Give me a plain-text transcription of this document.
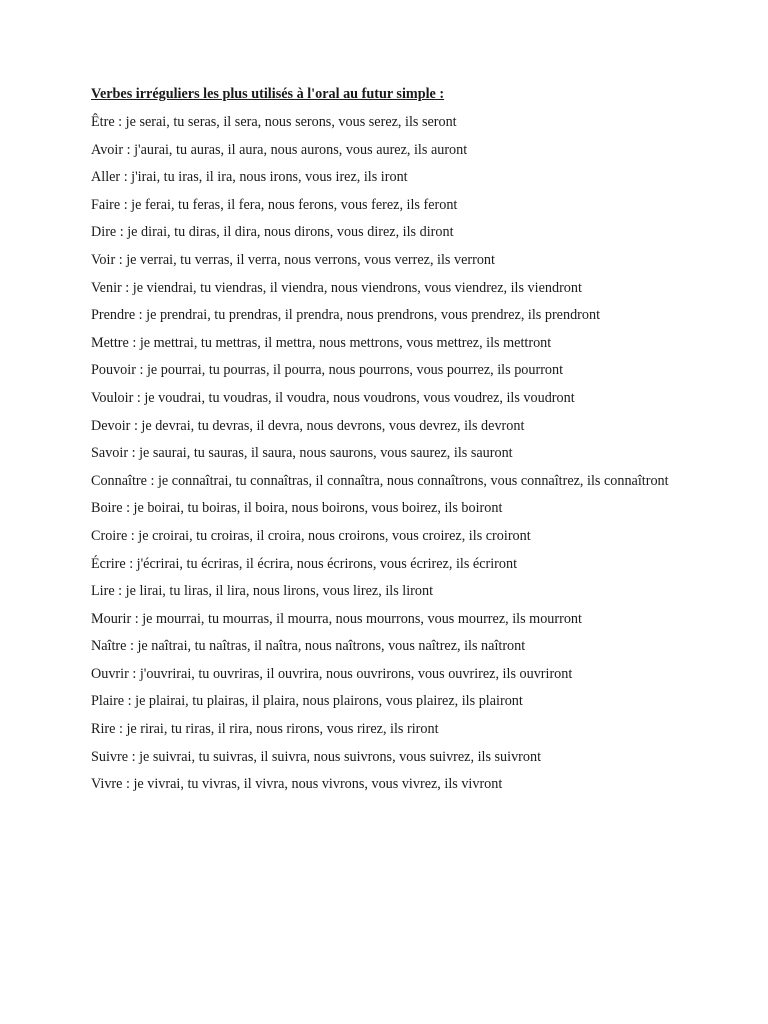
Verbes irréguliers les plus utilisés à l'oral au futur simple :
Être : je serai, tu seras, il sera, nous serons, vous serez, ils seront
Avoir : j'aurai, tu auras, il aura, nous aurons, vous aurez, ils auront
Aller : j'irai, tu iras, il ira, nous irons, vous irez, ils iront
Faire : je ferai, tu feras, il fera, nous ferons, vous ferez, ils feront
Dire : je dirai, tu diras, il dira, nous dirons, vous direz, ils diront
Voir : je verrai, tu verras, il verra, nous verrons, vous verrez, ils verront
Venir : je viendrai, tu viendras, il viendra, nous viendrons, vous viendrez, ils viendront
Prendre : je prendrai, tu prendras, il prendra, nous prendrons, vous prendrez, ils prendront
Mettre : je mettrai, tu mettras, il mettra, nous mettrons, vous mettrez, ils mettront
Pouvoir : je pourrai, tu pourras, il pourra, nous pourrons, vous pourrez, ils pourront
Vouloir : je voudrai, tu voudras, il voudra, nous voudrons, vous voudrez, ils voudront
Devoir : je devrai, tu devras, il devra, nous devrons, vous devrez, ils devront
Savoir : je saurai, tu sauras, il saura, nous saurons, vous saurez, ils sauront
Connaître : je connaîtrai, tu connaîtras, il connaîtra, nous connaîtrons, vous connaîtrez, ils connaîtront
Boire : je boirai, tu boiras, il boira, nous boirons, vous boirez, ils boiront
Croire : je croirai, tu croiras, il croira, nous croirons, vous croirez, ils croiront
Écrire : j'écrirai, tu écriras, il écrira, nous écrirons, vous écrirez, ils écriront
Lire : je lirai, tu liras, il lira, nous lirons, vous lirez, ils liront
Mourir : je mourrai, tu mourras, il mourra, nous mourrons, vous mourrez, ils mourront
Naître : je naîtrai, tu naîtras, il naîtra, nous naîtrons, vous naîtrez, ils naîtront
Ouvrir : j'ouvrirai, tu ouvriras, il ouvrira, nous ouvrirons, vous ouvrirez, ils ouvriront
Plaire : je plairai, tu plairas, il plaira, nous plairons, vous plairez, ils plairont
Rire : je rirai, tu riras, il rira, nous rirons, vous rirez, ils riront
Suivre : je suivrai, tu suivras, il suivra, nous suivrons, vous suivrez, ils suivront
Vivre : je vivrai, tu vivras, il vivra, nous vivrons, vous vivrez, ils vivront
